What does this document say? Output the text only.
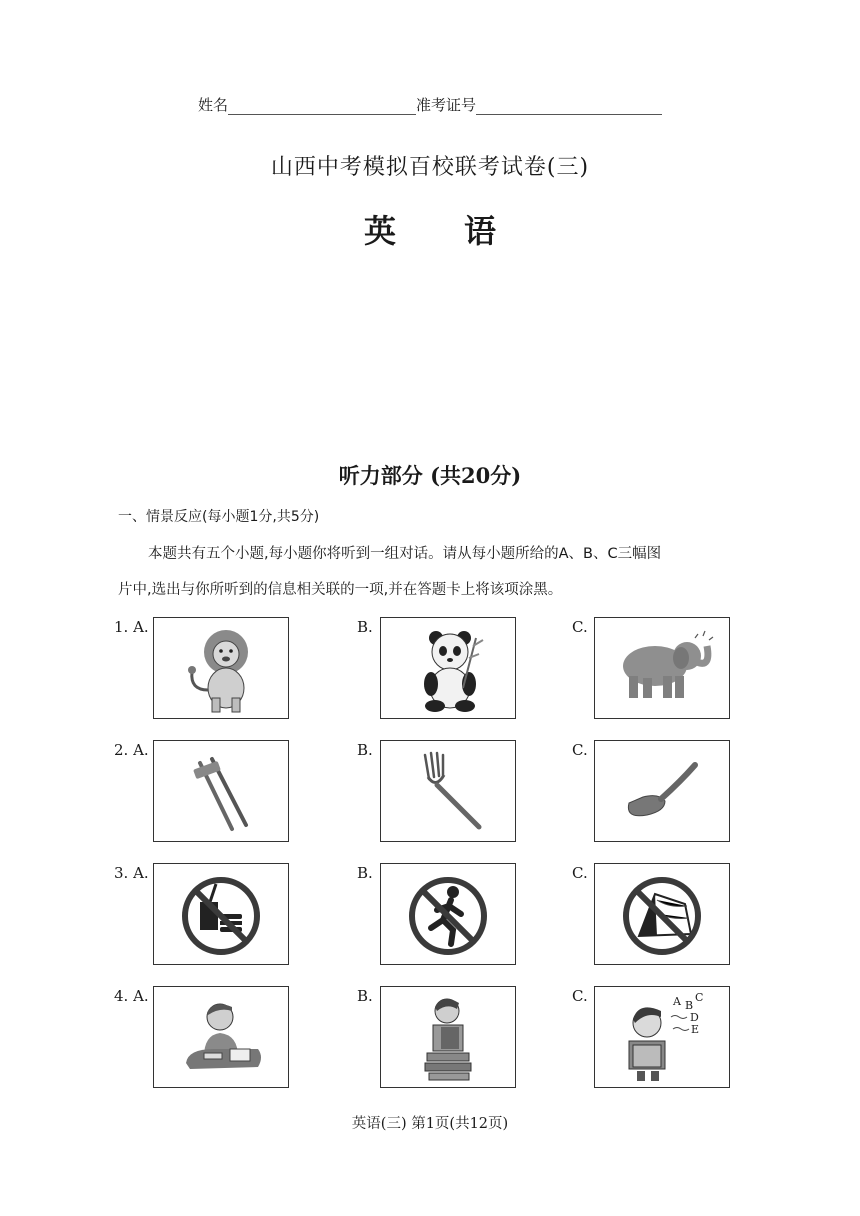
姓名	准考证号
山西中考模拟百校联考试卷(三)
英 语
听力部分 (共20分)
一、情景反应(每小题1分,共5分)
本题共有五个小题,每小题你将听到一组对话。请从每小题所给的A、B、C三幅图
片中,选出与你所听到的信息相关联的一项,并在答题卡上将该项涂黑。
1. A.	B.	C.
2. A.	B.	C.
3. A.	B.	C.
4. A.	B.	C.	A B
C
D
E
英语(三) 第1页(共12页)
